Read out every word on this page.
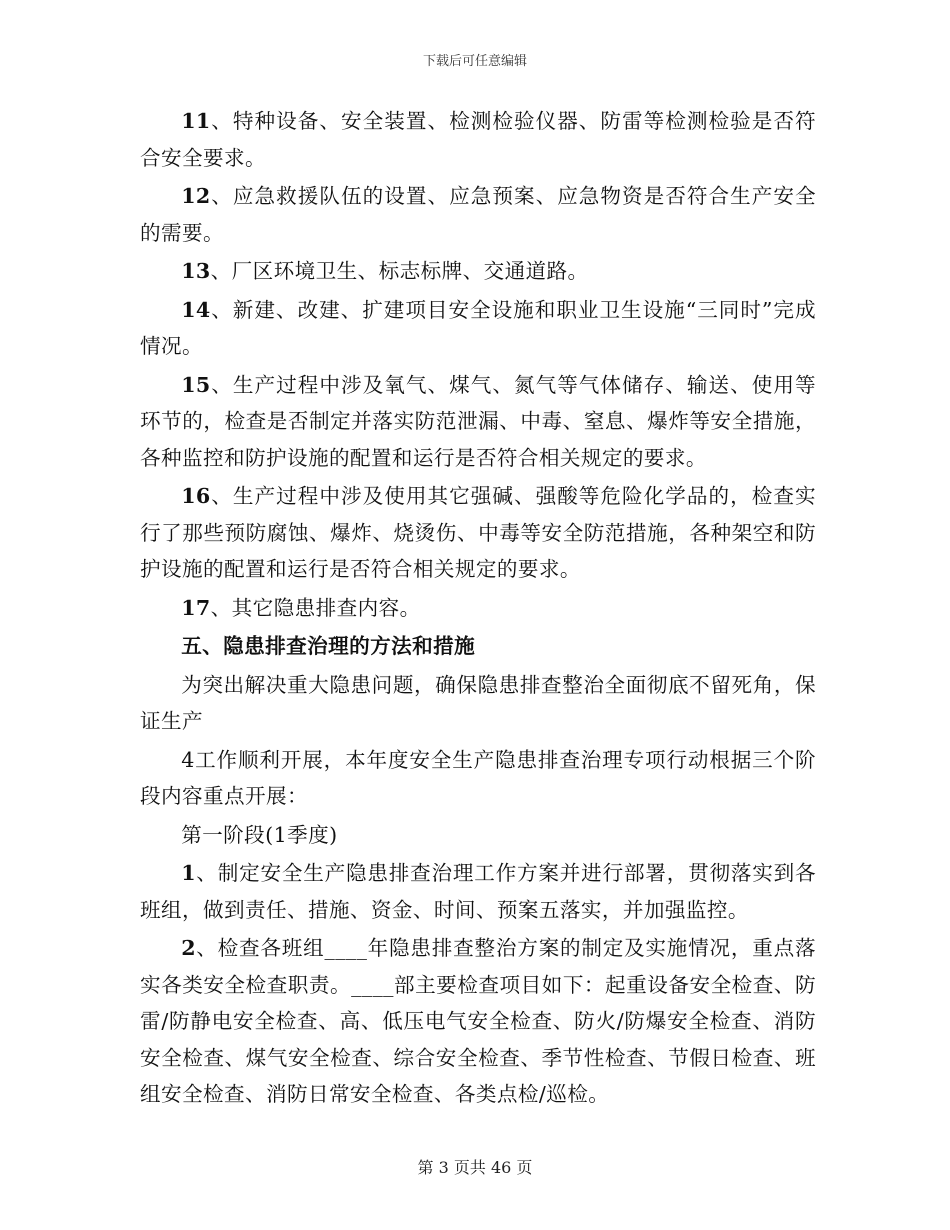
下载后可任意编辑

11、特种设备、安全装置、检测检验仪器、防雷等检测检验是否符合安全要求。

12、应急救援队伍的设置、应急预案、应急物资是否符合生产安全的需要。

13、厂区环境卫生、标志标牌、交通道路。

14、新建、改建、扩建项目安全设施和职业卫生设施“三同时”完成情况。

15、生产过程中涉及氧气、煤气、氮气等气体储存、输送、使用等环节的，检查是否制定并落实防范泄漏、中毒、窒息、爆炸等安全措施，各种监控和防护设施的配置和运行是否符合相关规定的要求。

16、生产过程中涉及使用其它强碱、强酸等危险化学品的，检查实行了那些预防腐蚀、爆炸、烧烫伤、中毒等安全防范措施，各种架空和防护设施的配置和运行是否符合相关规定的要求。

17、其它隐患排查内容。

五、隐患排查治理的方法和措施

为突出解决重大隐患问题，确保隐患排查整治全面彻底不留死角，保证生产

4工作顺利开展，本年度安全生产隐患排查治理专项行动根据三个阶段内容重点开展：

第一阶段(1季度)

1、制定安全生产隐患排查治理工作方案并进行部署，贯彻落实到各班组，做到责任、措施、资金、时间、预案五落实，并加强监控。

2、检查各班组____年隐患排查整治方案的制定及实施情况，重点落实各类安全检查职责。____部主要检查项目如下：起重设备安全检查、防雷/防静电安全检查、高、低压电气安全检查、防火/防爆安全检查、消防安全检查、煤气安全检查、综合安全检查、季节性检查、节假日检查、班组安全检查、消防日常安全检查、各类点检/巡检。

第 3 页共 46 页
